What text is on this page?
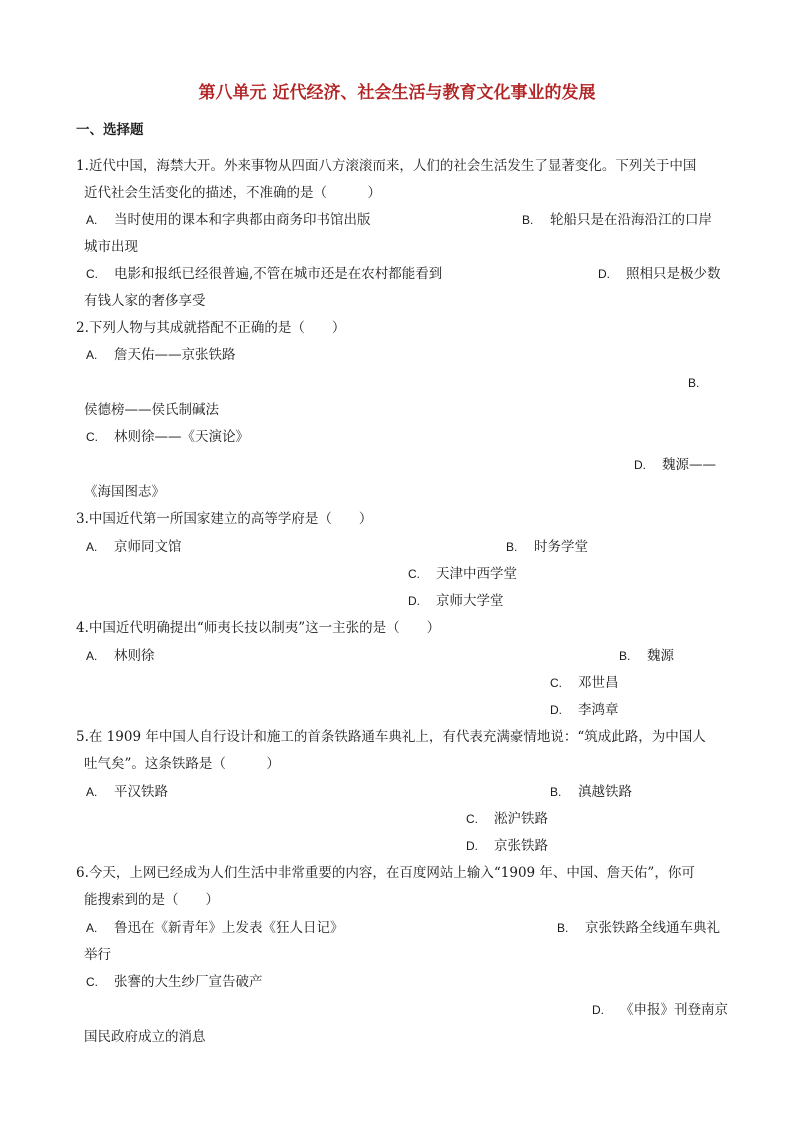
第八单元 近代经济、社会生活与教育文化事业的发展
一、选择题
1.近代中国，海禁大开。外来事物从四面八方滚滚而来，人们的社会生活发生了显著变化。下列关于中国
近代社会生活变化的描述，不准确的是（　　　）
A. 当时使用的课本和字典都由商务印书馆出版	B. 轮船只是在沿海沿江的口岸
城市出现
C. 电影和报纸已经很普遍,不管在城市还是在农村都能看到	D. 照相只是极少数
有钱人家的奢侈享受
2.下列人物与其成就搭配不正确的是（　　）
A. 詹天佑——京张铁路
B.
侯德榜——侯氏制碱法
C. 林则徐——《天演论》
D. 魏源——
《海国图志》
3.中国近代第一所国家建立的高等学府是（　　）
A. 京师同文馆	B. 时务学堂
C. 天津中西学堂
D. 京师大学堂
4.中国近代明确提出“师夷长技以制夷”这一主张的是（　　）
A. 林则徐	B. 魏源
C. 邓世昌
D. 李鸿章
5.在 1909 年中国人自行设计和施工的首条铁路通车典礼上，有代表充满豪情地说：“筑成此路，为中国人
吐气矣”。这条铁路是（　　　）
A. 平汉铁路	B. 滇越铁路
C. 淞沪铁路
D. 京张铁路
6.今天，上网已经成为人们生活中非常重要的内容，在百度网站上输入“1909 年、中国、詹天佑”，你可
能搜索到的是（　　）
A. 鲁迅在《新青年》上发表《狂人日记》	B. 京张铁路全线通车典礼
举行
C. 张謇的大生纱厂宣告破产
D. 《申报》刊登南京
国民政府成立的消息
